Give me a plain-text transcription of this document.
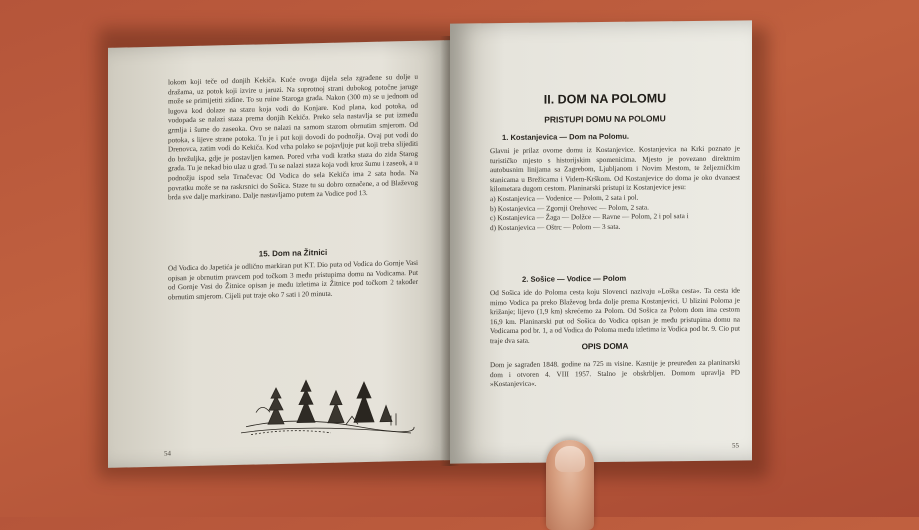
lokom koji teče od donjih Kekiča. Kuće ovoga dijela sela zgrađene su dolje u dražama, uz potok koji izvire u jaruzi. Na suprotnoj strani dubokog potočne jaruge može se primijetiti zidine. To su ruine Starogа grada. Nakon (300 m) se u jednom od lugova kod dolaze na stazu koja vodi do Konjare. Kod plana, kod potoka, od vodopada se nalazi staza prema donjih Kekiča. Preko sela nastavlja se put između grmlja i šume do zaseoka. Ovo se nalazi na samom stazom obrnutim smjerom. Od potoka, s lijeve strane potoka. Tu je i put koji dovodi do podnožja. Ovaj put vodi do Drenovca, zatim vodi do Kekiča. Kod vrha polako se pojavljuje put koji treba slijediti do brežuljka, gdje je postavljen kamen. Pored vrha vodi kratka staza do zida Starog grada. Tu je nekad bio ulaz u grad. Tu se nalazi staza koja vodi kroz šumu i zaseok, a u podnožju ispod sela Trnačevac Od Vodica do sela Kekiča ima 2 sata hoda. Na povratku može se na raskrsnici do Sošica. Staze tu su dobro označene, a od Blaževog brda sve dalje markirano. Dalje nastavljamo putem za Vodice pod 13.
15. Dom na Žitnici
Od Vodica do Japetića je odlično markiran put KT. Dio puta od Vodica do Gornje Vasi opisan je obrnutim pravcem pod točkom 3 među pristupima domu na Vodicama. Put od Gornje Vasi do Žitnice opisan je među izletima iz Žitnice pod točkom 2 također obrnutim smjerom. Cijeli put traje oko 7 sati i 20 minuta.
54
II. DOM NA POLOMU
PRISTUPI DOMU NA POLOMU
1. Kostanjevica — Dom na Polomu.
Glavni je prilaz ovome domu iz Kostanjevice. Kostanjevica na Krki poznato je turističko mjesto s historijskim spomenicima. Mjesto je povezano direktnim autobusnim linijama sa Zagrebom, Ljubljanom i Novim Mestom, te željezničkim stanicama u Brežicama i Videm-Krškom. Od Kostanjevice do doma je oko dvanaest kilometara dugom cestom. Planinarski pristupi iz Kostanjevice jesu:
a) Kostanjevica — Vodenice — Polom, 2 sata i pol.
b) Kostanjevica — Zgornji Orehovec — Polom, 2 sata.
c) Kostanjevica — Žaga — Dolžce — Ravne — Polom, 2 i pol sata i
d) Kostanjevica — Oštrc — Polom — 3 sata.
2. Sošice — Vodice — Polom
Od Sošica ide do Poloma cesta koju Slovenci nazivaju »Loška cesta«. Ta cesta ide mimo Vodica pa preko Blaževog brda dolje prema Kostanjevici. U blizini Poloma je križanje; lijevo (1,9 km) skrećemo za Polom. Od Sošica za Polom dom ima cestom 16,9 km. Planinarski put od Sošica do Vodica opisan je među pristupima domu na Vodicama pod br. 1, a od Vodica do Poloma među izletima iz Vodica pod br. 9. Cio put traje dva sata.
OPIS DOMA
Dom je sagrađen 1848. godine na 725 m visine. Kasnije je preuređen za planinarski dom i otvoren 4. VIII 1957. Stalno je obskrbljen. Domom upravlja PD »Kostanjevica«.
55
